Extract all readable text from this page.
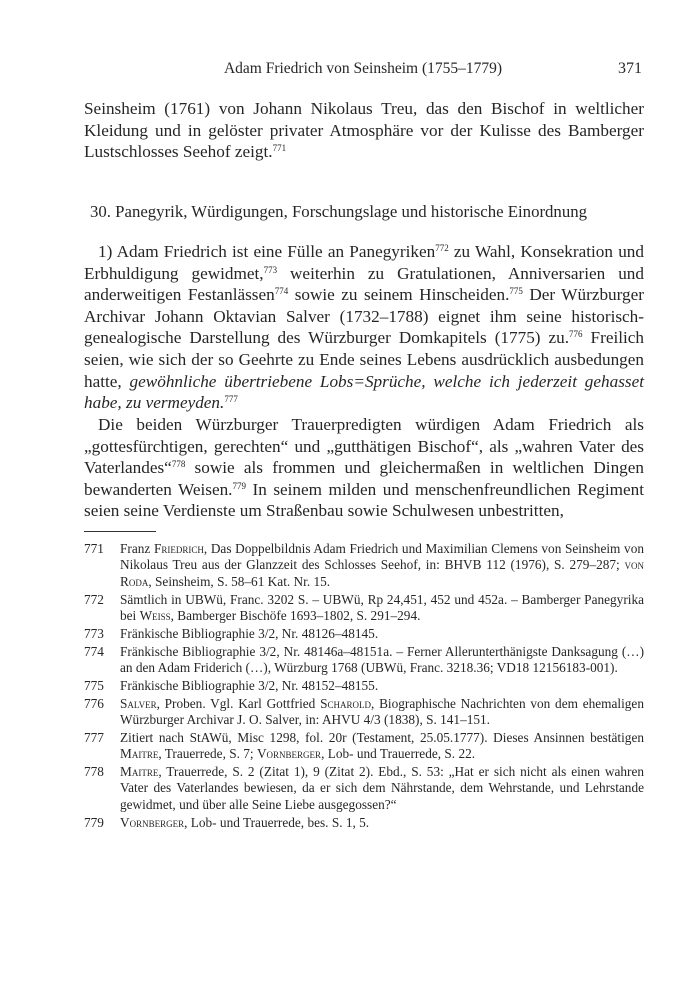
Adam Friedrich von Seinsheim (1755–1779)	371

Seinsheim (1761) von Johann Nikolaus Treu, das den Bischof in weltlicher Kleidung und in gelöster privater Atmosphäre vor der Kulisse des Bamberger Lustschlosses Seehof zeigt.$^{771}$

30. Panegyrik, Würdigungen, Forschungslage und historische Einordnung

1) Adam Friedrich ist eine Fülle an Panegyriken$^{772}$ zu Wahl, Konsekration und Erbhuldigung gewidmet,$^{773}$ weiterhin zu Gratulationen, Anniversarien und anderweitigen Festanlässen$^{774}$ sowie zu seinem Hinscheiden.$^{775}$ Der Würzburger Archivar Johann Oktavian Salver (1732–1788) eignet ihm seine historisch-genealogische Darstellung des Würzburger Domkapitels (1775) zu.$^{776}$ Freilich seien, wie sich der so Geehrte zu Ende seines Lebens ausdrücklich ausbedungen hatte, gewöhnliche übertriebene Lobs=Sprüche, welche ich jederzeit gehasset habe, zu vermeyden.$^{777}$

Die beiden Würzburger Trauerpredigten würdigen Adam Friedrich als „gottesfürchtigen, gerechten“ und „gutthätigen Bischof“, als „wahren Vater des Vaterlandes“$^{778}$ sowie als frommen und gleichermaßen in weltlichen Dingen bewanderten Weisen.$^{779}$ In seinem milden und menschenfreundlichen Regiment seien seine Verdienste um Straßenbau sowie Schulwesen unbestritten,

771 Franz Friedrich, Das Doppelbildnis Adam Friedrich und Maximilian Clemens von Seinsheim von Nikolaus Treu aus der Glanzzeit des Schlosses Seehof, in: BHVB 112 (1976), S. 279–287; von Roda, Seinsheim, S. 58–61 Kat. Nr. 15.
772 Sämtlich in UBWü, Franc. 3202 S. – UBWü, Rp 24,451, 452 und 452a. – Bamberger Panegyrika bei Weiss, Bamberger Bischöfe 1693–1802, S. 291–294.
773 Fränkische Bibliographie 3/2, Nr. 48126–48145.
774 Fränkische Bibliographie 3/2, Nr. 48146a–48151a. – Ferner Allerunterthänigste Danksagung (…) an den Adam Friderich (…), Würzburg 1768 (UBWü, Franc. 3218.36; VD18 12156183-001).
775 Fränkische Bibliographie 3/2, Nr. 48152–48155.
776 Salver, Proben. Vgl. Karl Gottfried Scharold, Biographische Nachrichten von dem ehemaligen Würzburger Archivar J. O. Salver, in: AHVU 4/3 (1838), S. 141–151.
777 Zitiert nach StAWü, Misc 1298, fol. 20r (Testament, 25.05.1777). Dieses Ansinnen bestätigen Maitre, Trauerrede, S. 7; Vornberger, Lob- und Trauerrede, S. 22.
778 Maitre, Trauerrede, S. 2 (Zitat 1), 9 (Zitat 2). Ebd., S. 53: „Hat er sich nicht als einen wahren Vater des Vaterlandes bewiesen, da er sich dem Nährstande, dem Wehrstande, und Lehrstande gewidmet, und über alle Seine Liebe ausgegossen?“
779 Vornberger, Lob- und Trauerrede, bes. S. 1, 5.
